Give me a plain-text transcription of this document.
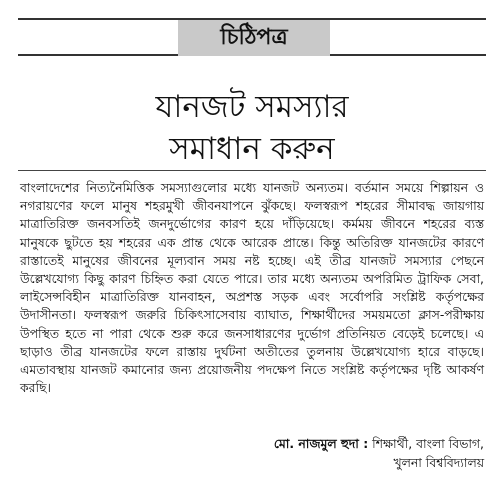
চিঠিপত্র
যানজট সমস্যার
সমাধান করুন

বাংলাদেশের নিত্যনৈমিত্তিক সমস্যাগুলোর মধ্যে যানজট অন্যতম। বর্তমান সময়ে শিল্পায়ন ও নগরায়ণের ফলে মানুষ শহরমুখী জীবনযাপনে ঝুঁকছে। ফলস্বরূপ শহরের সীমাবদ্ধ জায়গায় মাত্রাতিরিক্ত জনবসতিই জনদুর্ভোগের কারণ হয়ে দাঁড়িয়েছে। কর্মময় জীবনে শহরের ব্যস্ত মানুষকে ছুটতে হয় শহরের এক প্রান্ত থেকে আরেক প্রান্তে। কিন্তু অতিরিক্ত যানজটের কারণে রাস্তাতেই মানুষের জীবনের মূল্যবান সময় নষ্ট হচ্ছে। এই তীব্র যানজট সমস্যার পেছনে উল্লেখযোগ্য কিছু কারণ চিহ্নিত করা যেতে পারে। তার মধ্যে অন্যতম অপরিমিত ট্রাফিক সেবা, লাইসেন্সবিহীন মাত্রাতিরিক্ত যানবাহন, অপ্রশস্ত সড়ক এবং সর্বোপরি সংশ্লিষ্ট কর্তৃপক্ষের উদাসীনতা। ফলস্বরূপ জরুরি চিকিৎসাসেবায় ব্যাঘাত, শিক্ষার্থীদের সময়মতো ক্লাস-পরীক্ষায় উপস্থিত হতে না পারা থেকে শুরু করে জনসাধারণের দুর্ভোগ প্রতিনিয়ত বেড়েই চলেছে। এ ছাড়াও তীব্র যানজটের ফলে রাস্তায় দুর্ঘটনা অতীতের তুলনায় উল্লেখযোগ্য হারে বাড়ছে। এমতাবস্থায় যানজট কমানোর জন্য প্রয়োজনীয় পদক্ষেপ নিতে সংশ্লিষ্ট কর্তৃপক্ষের দৃষ্টি আকর্ষণ করছি।

মো. নাজমুল হুদা : শিক্ষার্থী, বাংলা বিভাগ,
খুলনা বিশ্ববিদ্যালয়
